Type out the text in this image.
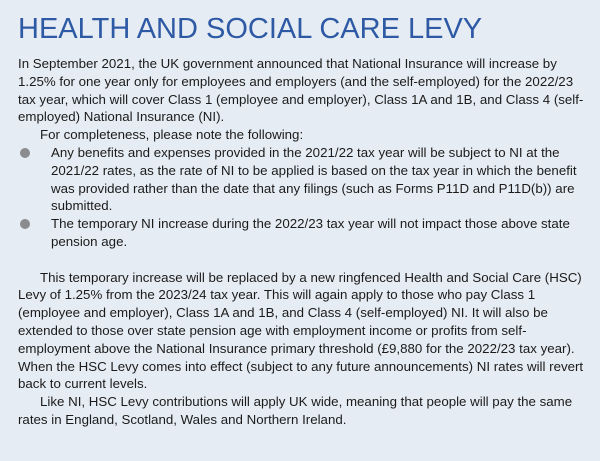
HEALTH AND SOCIAL CARE LEVY

In September 2021, the UK government announced that National Insurance will increase by 1.25% for one year only for employees and employers (and the self-employed) for the 2022/23 tax year, which will cover Class 1 (employee and employer), Class 1A and 1B, and Class 4 (self-employed) National Insurance (NI).

For completeness, please note the following:

Any benefits and expenses provided in the 2021/22 tax year will be subject to NI at the 2021/22 rates, as the rate of NI to be applied is based on the tax year in which the benefit was provided rather than the date that any filings (such as Forms P11D and P11D(b)) are submitted.
The temporary NI increase during the 2022/23 tax year will not impact those above state pension age.

This temporary increase will be replaced by a new ringfenced Health and Social Care (HSC) Levy of 1.25% from the 2023/24 tax year. This will again apply to those who pay Class 1 (employee and employer), Class 1A and 1B, and Class 4 (self-employed) NI. It will also be extended to those over state pension age with employment income or profits from self-employment above the National Insurance primary threshold (£9,880 for the 2022/23 tax year). When the HSC Levy comes into effect (subject to any future announcements) NI rates will revert back to current levels.

Like NI, HSC Levy contributions will apply UK wide, meaning that people will pay the same rates in England, Scotland, Wales and Northern Ireland.
